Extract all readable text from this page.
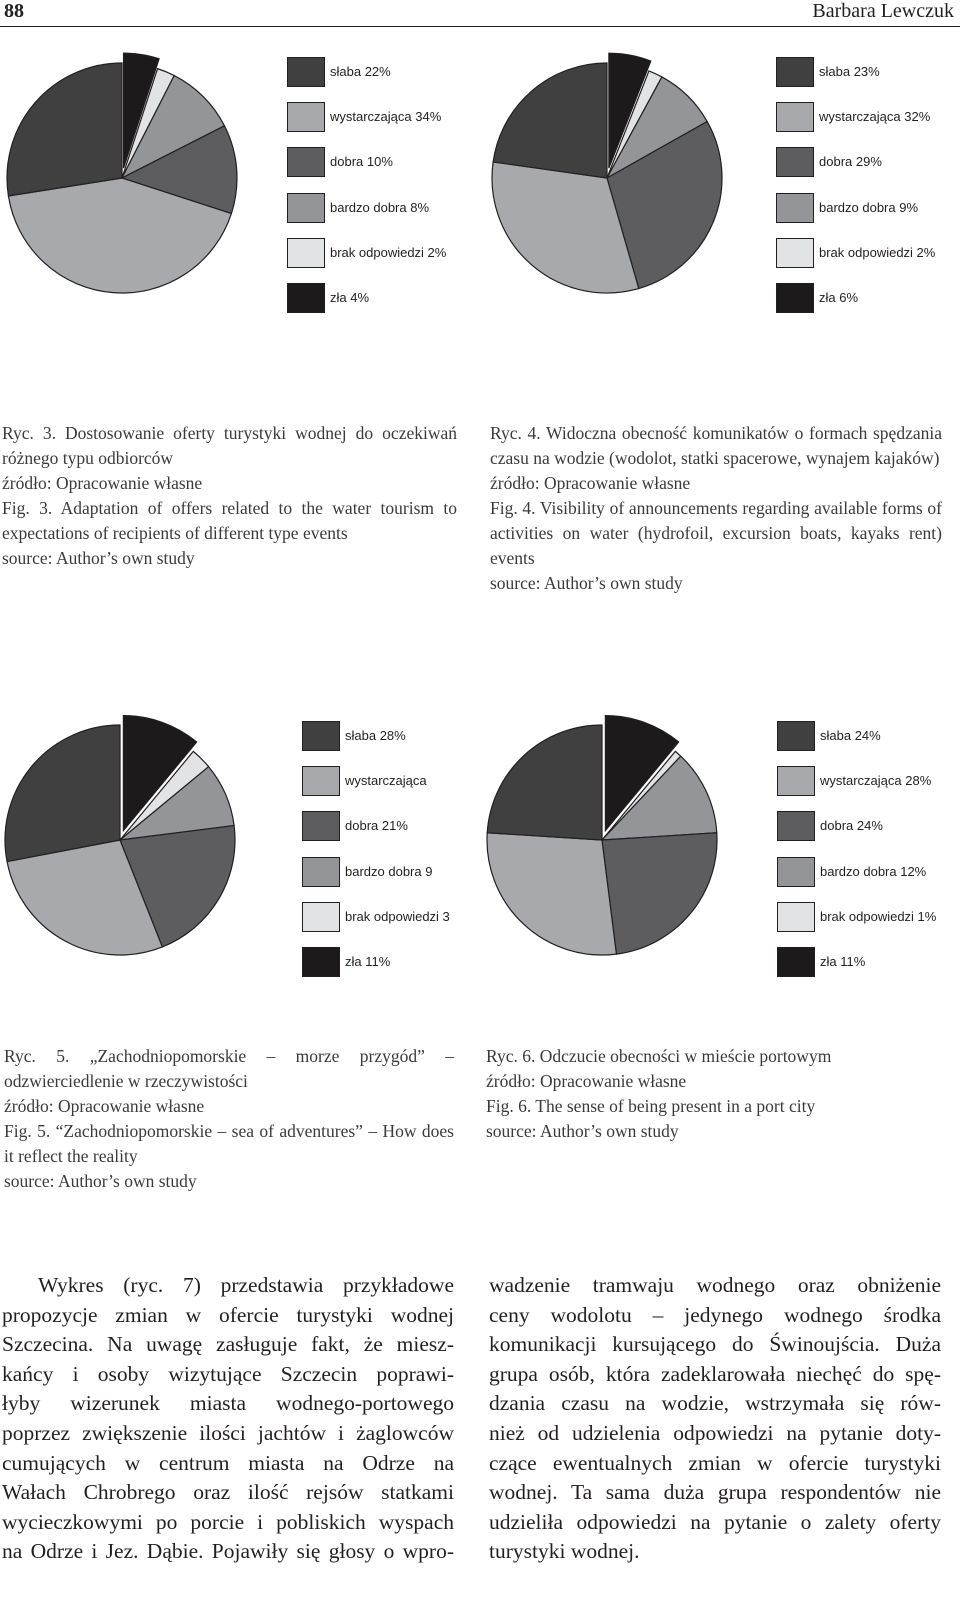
88	Barbara Lewczuk
słaba 22%
wystarczająca 34%
dobra 10%
bardzo dobra 8%
brak odpowiedzi 2%
zła 4%
słaba 23%
wystarczająca 32%
dobra 29%
bardzo dobra 9%
brak odpowiedzi 2%
zła 6%
słaba 28%
wystarczająca
dobra 21%
bardzo dobra 9
brak odpowiedzi 3
zła 11%
słaba 24%
wystarczająca 28%
dobra 24%
bardzo dobra 12%
brak odpowiedzi 1%
zła 11%

Ryc. 3. Dostosowanie oferty turystyki wodnej do oczekiwań różnego typu odbiorców

źródło: Opracowanie własne

Fig. 3. Adaptation of offers related to the water tourism to expectations of recipients of different type events

source: Author’s own study

Ryc. 4. Widoczna obecność komunikatów o formach spędzania czasu na wodzie (wodolot, statki spacerowe, wynajem kajaków)

źródło: Opracowanie własne

Fig. 4. Visibility of announcements regarding available forms of activities on water (hydrofoil, excursion boats, kayaks rent) events

source: Author’s own study

Ryc. 5. „Zachodniopomorskie – morze przygód” – odzwierciedlenie w rzeczywistości

źródło: Opracowanie własne

Fig. 5. “Zachodniopomorskie – sea of adventures” – How does it reflect the reality

source: Author’s own study

Ryc. 6. Odczucie obecności w mieście portowym

źródło: Opracowanie własne

Fig. 6. The sense of being present in a port city

source: Author’s own study

Wykres (ryc. 7) przedstawia przykładowe

propozycje zmian w ofercie turystyki wodnej

Szczecina. Na uwagę zasługuje fakt, że miesz-

kańcy i osoby wizytujące Szczecin poprawi-

łyby wizerunek miasta wodnego-portowego

poprzez zwiększenie ilości jachtów i żaglowców

cumujących w centrum miasta na Odrze na

Wałach Chrobrego oraz ilość rejsów statkami

wycieczkowymi po porcie i pobliskich wyspach

na Odrze i Jez. Dąbie. Pojawiły się głosy o wpro-

wadzenie tramwaju wodnego oraz obniżenie

ceny wodolotu – jedynego wodnego środka

komunikacji kursującego do Świnoujścia. Duża

grupa osób, która zadeklarowała niechęć do spę-

dzania czasu na wodzie, wstrzymała się rów-

nież od udzielenia odpowiedzi na pytanie doty-

czące ewentualnych zmian w ofercie turystyki

wodnej. Ta sama duża grupa respondentów nie

udzieliła odpowiedzi na pytanie o zalety oferty

turystyki wodnej.
